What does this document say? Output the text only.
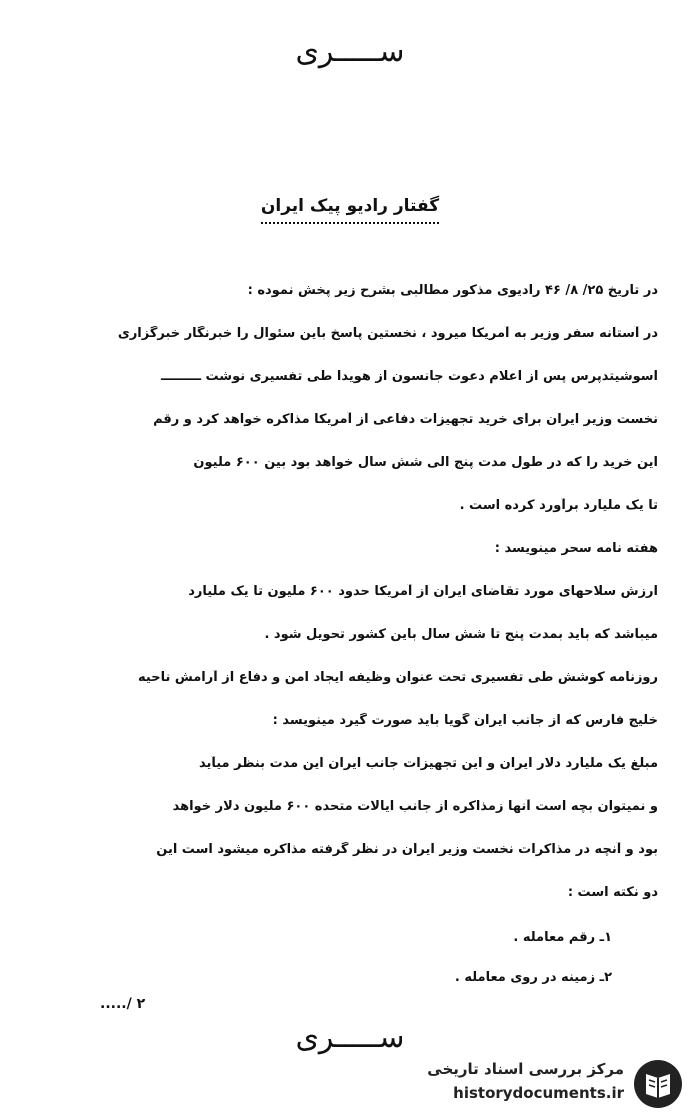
ســـــری
گفتار راديو پيک ايران
در تاريخ ۲۵/ ۸/ ۴۶ راديوی مذکور مطالبی بشرح زير پخش نموده :
در آستانه سفر وزير به آمريکا ميرود ، نخستين پاسخ باين سئوال را خبرنگار خبرگزاری
اسوشيتدپرس پس از اعلام دعوت جانسون از هويدا طی تفسيری نوشت ـــــــــ
نخست وزير ايران برای خريد تجهيزات دفاعی از آمريکا مذاکره خواهد کرد و رقم
اين خريد را که در طول مدت پنج الی شش سال خواهد بود بين ۶۰۰ مليون
تا يک مليارد برآورد کرده است .
هفته نامه سحر مينويسد :
ارزش سلاحهای مورد تقاضای ايران از آمريکا حدود ۶۰۰ مليون تا يک مليارد
ميباشد که بايد بمدت پنج تا شش سال باين کشور تحويل شود .
روزنامه کوشش طی تفسيری تحت عنوان وظيفه ايجاد امن و دفاع از آرامش ناحيه
خليج فارس که از جانب ايران گويا بايد صورت گيرد مينويسد :
مبلغ يک مليارد دلار ايران و اين تجهيزات جانب ايران اين مدت بنظر ميآيد
و نميتوان بچه است آنها زمذاکره از جانب ايالات متحده ۶۰۰ مليون دلار خواهد
بود و آنچه در مذاکرات نخست وزير ايران در نظر گرفته مذاکره ميشود است اين
دو نکته است :
۱ـ رقم معامله .
۲ـ زمينه در روی معامله .
...../ ۲
ســـــری
مرکز بررسی اسناد تاريخی
historydocuments.ir
